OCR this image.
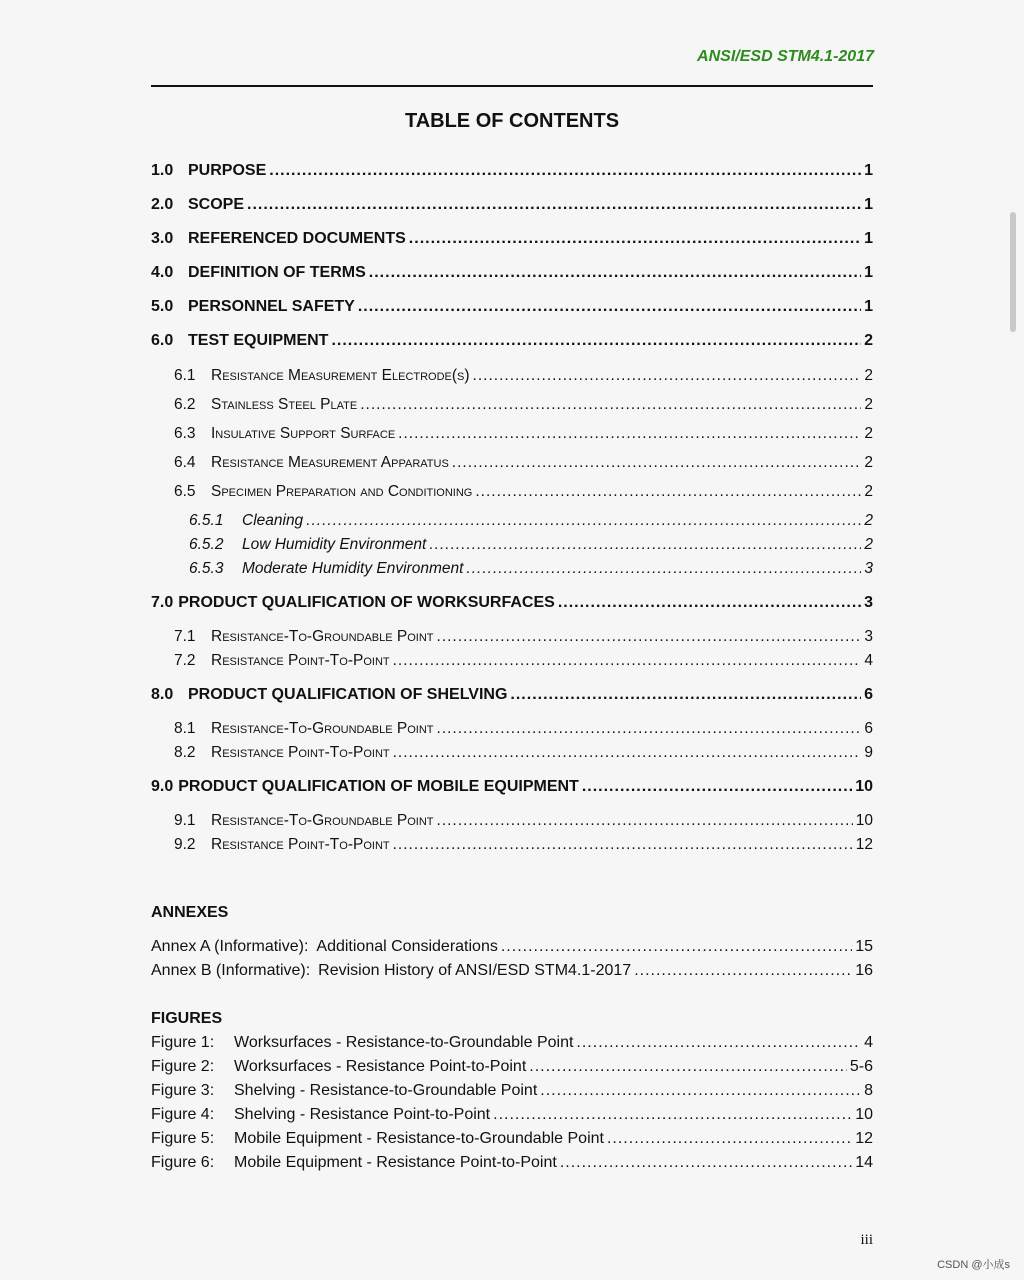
ANSI/ESD STM4.1-2017
TABLE OF CONTENTS
1.0 PURPOSE .....	1
2.0 SCOPE .....	1
3.0 REFERENCED DOCUMENTS .....	1
4.0 DEFINITION OF TERMS .....	1
5.0 PERSONNEL SAFETY .....	1
6.0 TEST EQUIPMENT .....	2
6.1 Resistance Measurement Electrode(s) .....	2
6.2 Stainless Steel Plate .....	2
6.3 Insulative Support Surface .....	2
6.4 Resistance Measurement Apparatus .....	2
6.5 Specimen Preparation and Conditioning .....	2
6.5.1	Cleaning .....	2
6.5.2	Low Humidity Environment .....	2
6.5.3	Moderate Humidity Environment .....	3
7.0 PRODUCT QUALIFICATION OF WORKSURFACES .....	3
7.1 Resistance-To-Groundable Point .....	3
7.2 Resistance Point-To-Point .....	4
8.0 PRODUCT QUALIFICATION OF SHELVING .....	6
8.1 Resistance-To-Groundable Point .....	6
8.2 Resistance Point-To-Point .....	9
9.0 PRODUCT QUALIFICATION OF MOBILE EQUIPMENT .....	10
9.1 Resistance-To-Groundable Point .....	10
9.2 Resistance Point-To-Point .....	12
ANNEXES
Annex A (Informative): Additional Considerations .....	15
Annex B (Informative): Revision History of ANSI/ESD STM4.1-2017 .....	16
FIGURES
Figure 1:	Worksurfaces - Resistance-to-Groundable Point .....	4
Figure 2:	Worksurfaces - Resistance Point-to-Point .....	5-6
Figure 3:	Shelving - Resistance-to-Groundable Point .....	8
Figure 4:	Shelving - Resistance Point-to-Point .....	10
Figure 5:	Mobile Equipment - Resistance-to-Groundable Point .....	12
Figure 6:	Mobile Equipment - Resistance Point-to-Point .....	14
iii
CSDN @小成s
